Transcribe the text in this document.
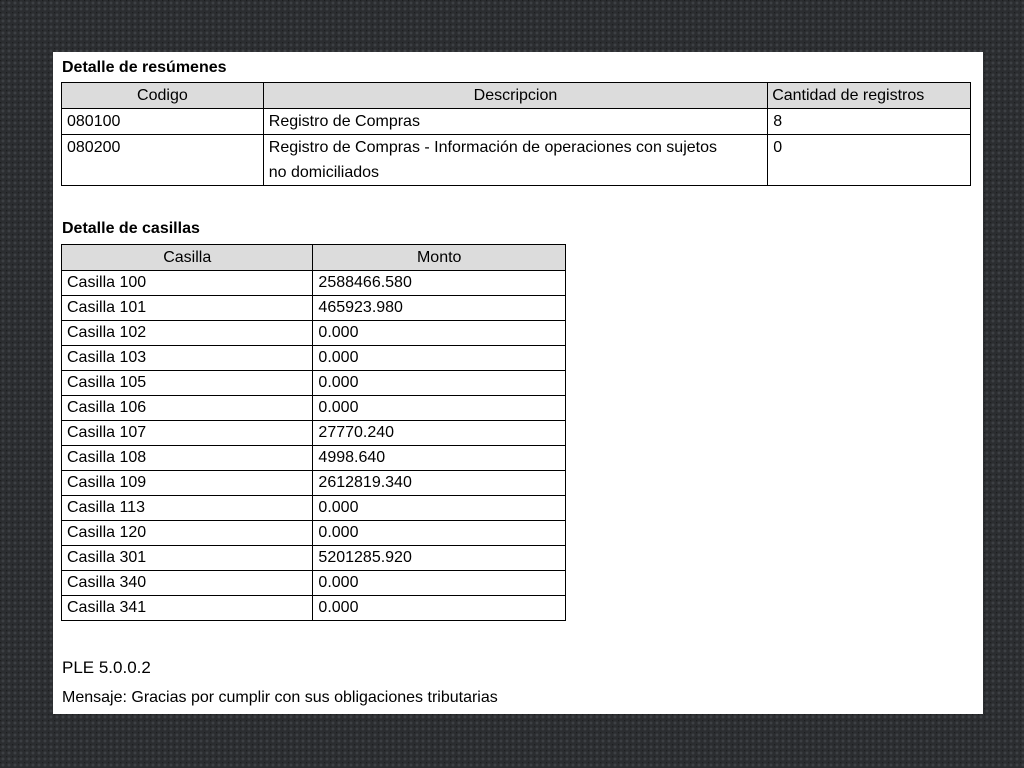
Detalle de resúmenes
Codigo	Descripcion	Cantidad de registros
080100	Registro de Compras	8
080200	Registro de Compras - Información de operaciones con sujetos no domiciliados	0
Detalle de casillas
Casilla	Monto
Casilla 100	2588466.580
Casilla 101	465923.980
Casilla 102	0.000
Casilla 103	0.000
Casilla 105	0.000
Casilla 106	0.000
Casilla 107	27770.240
Casilla 108	4998.640
Casilla 109	2612819.340
Casilla 113	0.000
Casilla 120	0.000
Casilla 301	5201285.920
Casilla 340	0.000
Casilla 341	0.000
PLE 5.0.0.2
Mensaje: Gracias por cumplir con sus obligaciones tributarias
